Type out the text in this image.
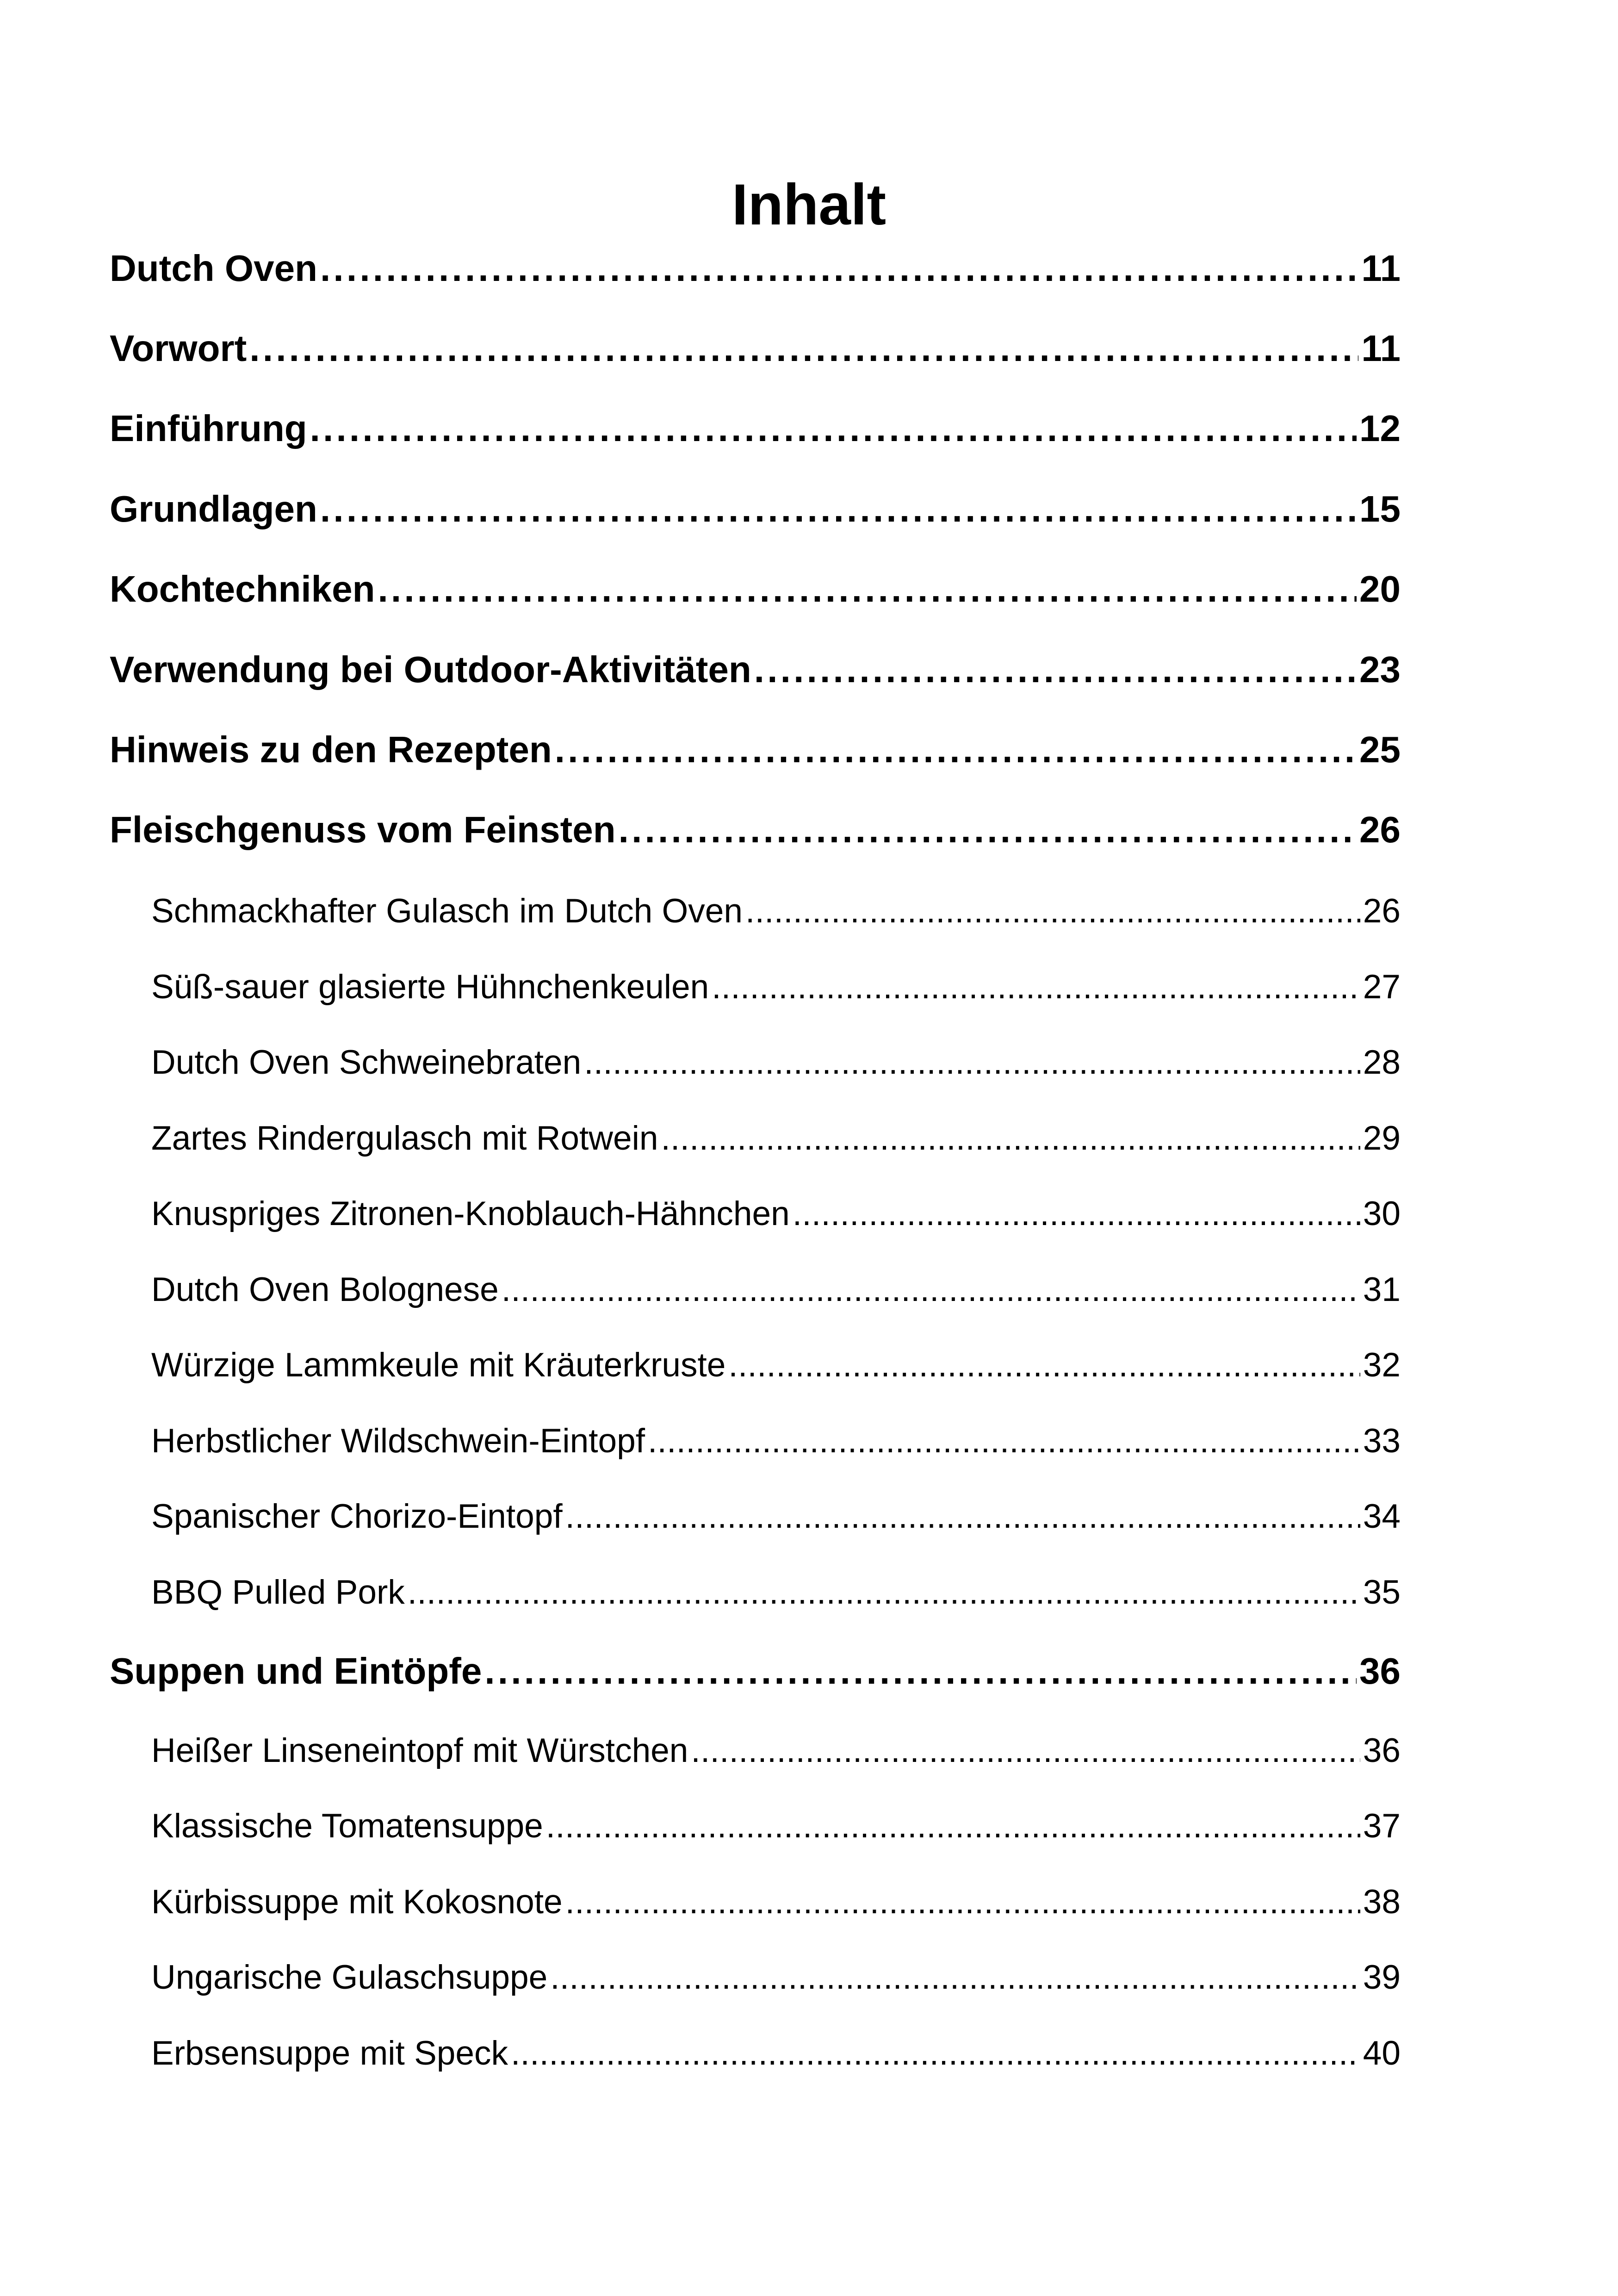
Inhalt
Dutch Oven . . .	11
Vorwort . . .	11
Einführung . . .	12
Grundlagen . . .	15
Kochtechniken . . .	20
Verwendung bei Outdoor-Aktivitäten . . .	23
Hinweis zu den Rezepten . . .	25
Fleischgenuss vom Feinsten . . .	26
Schmackhafter Gulasch im Dutch Oven . . .	26
Süß-sauer glasierte Hühnchenkeulen . . .	27
Dutch Oven Schweinebraten . . .	28
Zartes Rindergulasch mit Rotwein . . .	29
Knuspriges Zitronen-Knoblauch-Hähnchen . . .	30
Dutch Oven Bolognese . . .	31
Würzige Lammkeule mit Kräuterkruste . . .	32
Herbstlicher Wildschwein-Eintopf . . .	33
Spanischer Chorizo-Eintopf . . .	34
BBQ Pulled Pork . . .	35
Suppen und Eintöpfe . . .	36
Heißer Linseneintopf mit Würstchen . . .	36
Klassische Tomatensuppe . . .	37
Kürbissuppe mit Kokosnote . . .	38
Ungarische Gulaschsuppe . . .	39
Erbsensuppe mit Speck . . .	40
